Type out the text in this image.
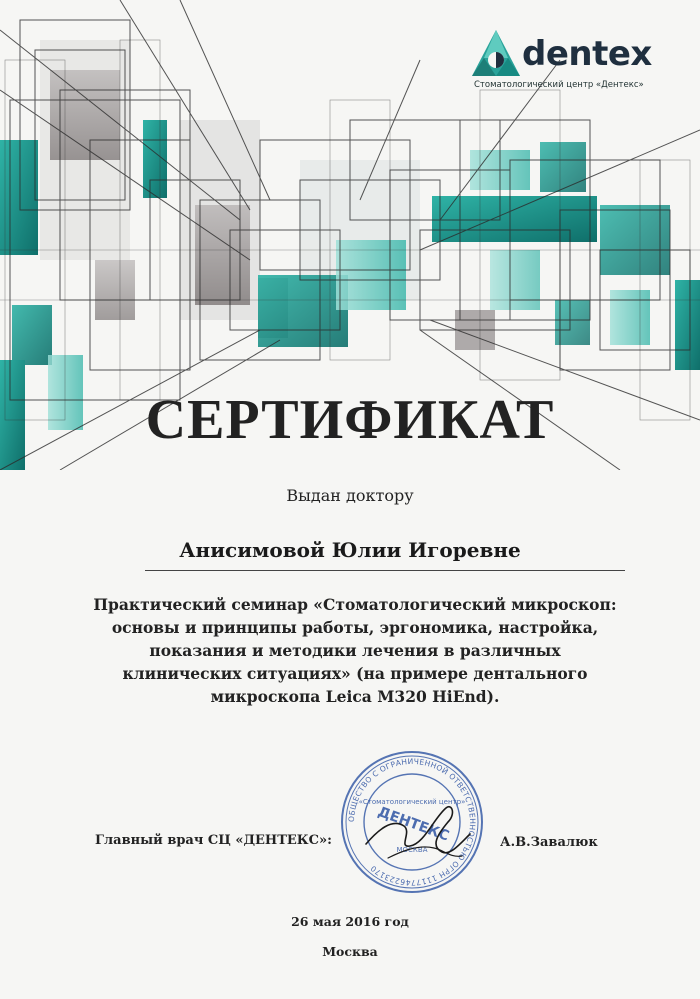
dentex
Стоматологический центр «Дентекс»
СЕРТИФИКАТ
Выдан доктору
Анисимовой Юлии Игоревне
Практический семинар «Стоматологический микроскоп: основы и принципы работы, эргономика, настройка, показания и методики лечения в различных клинических ситуациях» (на примере дентального микроскопа Leica M320 HiEnd).
Главный врач СЦ «ДЕНТЕКС»:	А.В.Завалюк
ОБЩЕСТВО С ОГРАНИЧЕННОЙ ОТВЕТСТВЕННОСТЬЮ ОГРН 1117746223170
«Стоматологический центр»
ДЕНТЕКС
МОСКВА
26 мая 2016 год
Москва
